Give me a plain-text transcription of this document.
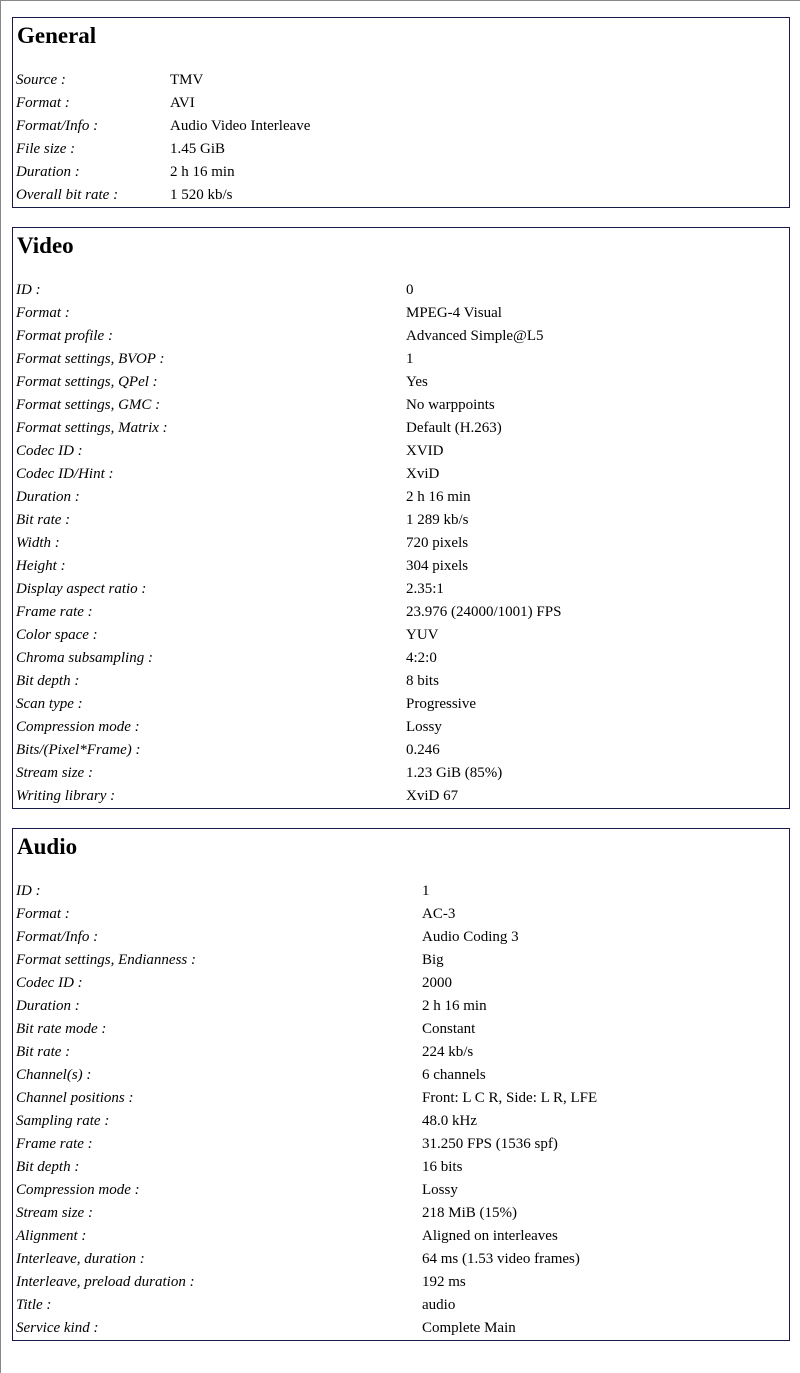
General
Source :	TMV
Format :	AVI
Format/Info :	Audio Video Interleave
File size :	1.45 GiB
Duration :	2 h 16 min
Overall bit rate :	1 520 kb/s
Video
ID :	0
Format :	MPEG-4 Visual
Format profile :	Advanced Simple@L5
Format settings, BVOP :	1
Format settings, QPel :	Yes
Format settings, GMC :	No warppoints
Format settings, Matrix :	Default (H.263)
Codec ID :	XVID
Codec ID/Hint :	XviD
Duration :	2 h 16 min
Bit rate :	1 289 kb/s
Width :	720 pixels
Height :	304 pixels
Display aspect ratio :	2.35:1
Frame rate :	23.976 (24000/1001) FPS
Color space :	YUV
Chroma subsampling :	4:2:0
Bit depth :	8 bits
Scan type :	Progressive
Compression mode :	Lossy
Bits/(Pixel*Frame) :	0.246
Stream size :	1.23 GiB (85%)
Writing library :	XviD 67
Audio
ID :	1
Format :	AC-3
Format/Info :	Audio Coding 3
Format settings, Endianness :	Big
Codec ID :	2000
Duration :	2 h 16 min
Bit rate mode :	Constant
Bit rate :	224 kb/s
Channel(s) :	6 channels
Channel positions :	Front: L C R, Side: L R, LFE
Sampling rate :	48.0 kHz
Frame rate :	31.250 FPS (1536 spf)
Bit depth :	16 bits
Compression mode :	Lossy
Stream size :	218 MiB (15%)
Alignment :	Aligned on interleaves
Interleave, duration :	64 ms (1.53 video frames)
Interleave, preload duration :	192 ms
Title :	audio
Service kind :	Complete Main
